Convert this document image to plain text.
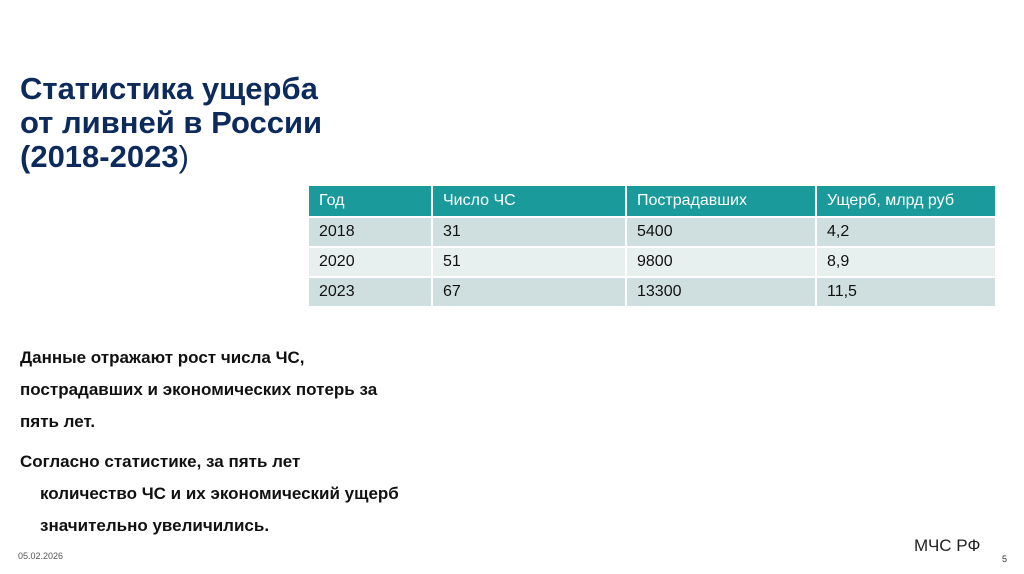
Статистика ущерба от ливней в России (2018-2023)
Год	Число ЧС	Пострадавших	Ущерб, млрд руб
2018	31	5400	4,2
2020	51	9800	8,9
2023	67	13300	11,5

Данные отражают рост числа ЧС, пострадавших и экономических потерь за пять лет.

Согласно статистике, за пять лет количество ЧС и их экономический ущерб значительно увеличились.

05.02.2026
МЧС РФ
5
